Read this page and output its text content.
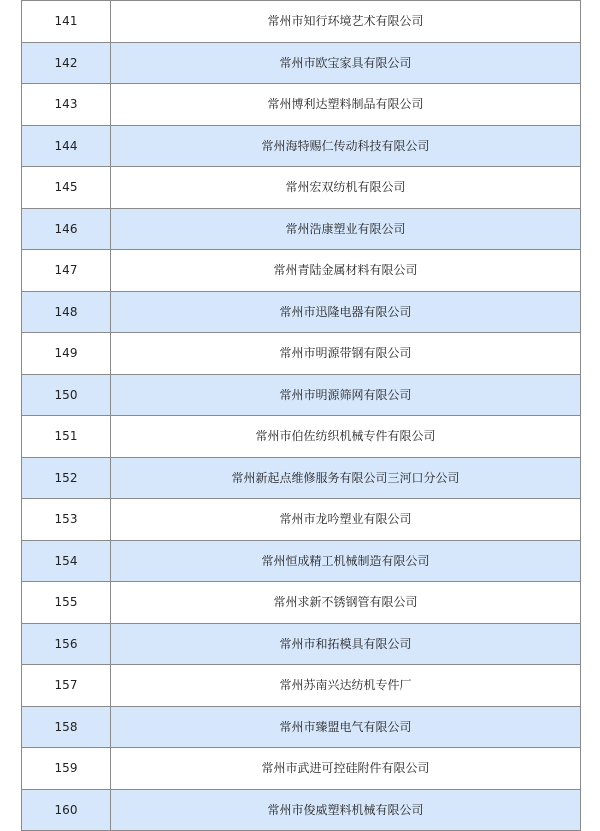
141	常州市知行环境艺术有限公司
142	常州市欧宝家具有限公司
143	常州博利达塑料制品有限公司
144	常州海特赐仁传动科技有限公司
145	常州宏双纺机有限公司
146	常州浩康塑业有限公司
147	常州青陆金属材料有限公司
148	常州市迅隆电器有限公司
149	常州市明源带钢有限公司
150	常州市明源筛网有限公司
151	常州市伯佐纺织机械专件有限公司
152	常州新起点维修服务有限公司三河口分公司
153	常州市龙吟塑业有限公司
154	常州恒成精工机械制造有限公司
155	常州求新不锈钢管有限公司
156	常州市和拓模具有限公司
157	常州苏南兴达纺机专件厂
158	常州市臻盟电气有限公司
159	常州市武进可控硅附件有限公司
160	常州市俊威塑料机械有限公司
